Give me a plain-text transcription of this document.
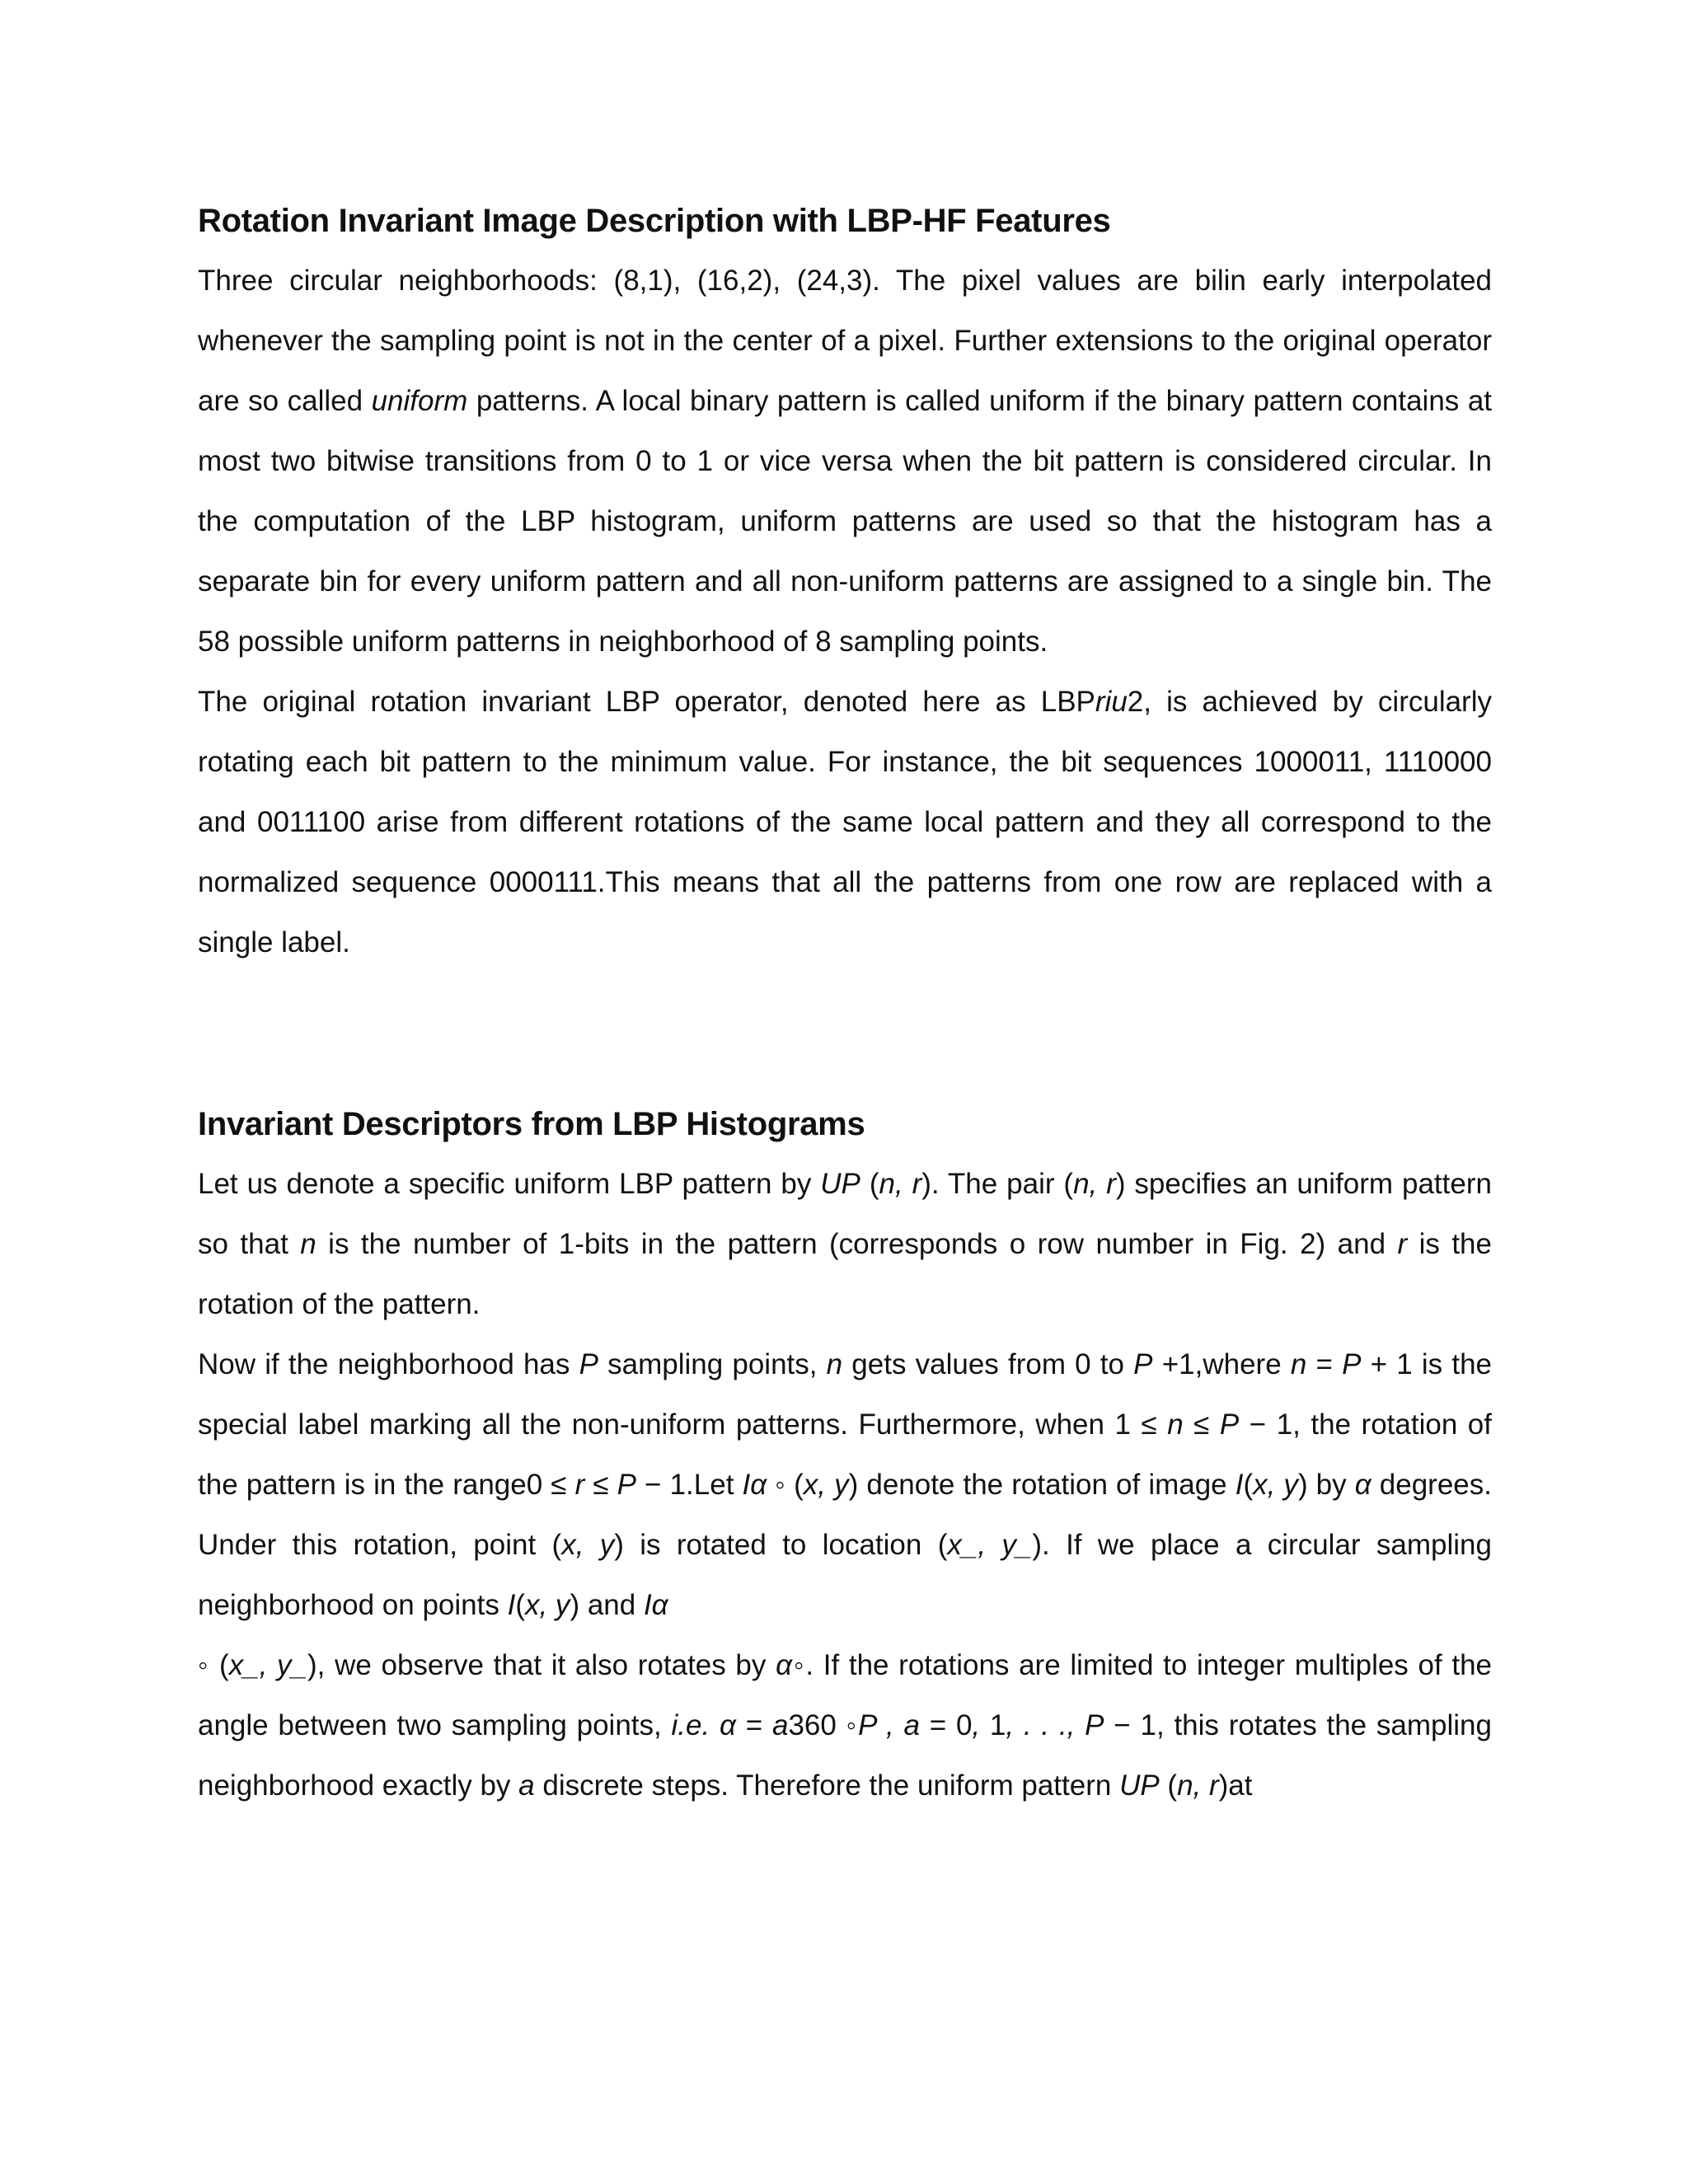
Rotation Invariant Image Description with LBP-HF Features

Three circular neighborhoods: (8,1), (16,2), (24,3). The pixel values are bilin early interpolated whenever the sampling point is not in the center of a pixel. Further extensions to the original operator are so called uniform patterns. A local binary pattern is called uniform if the binary pattern contains at most two bitwise transitions from 0 to 1 or vice versa when the bit pattern is considered circular. In the computation of the LBP histogram, uniform patterns are used so that the histogram has a separate bin for every uniform pattern and all non-uniform patterns are assigned to a single bin. The 58 possible uniform patterns in neighborhood of 8 sampling points.

The original rotation invariant LBP operator, denoted here as LBPriu2, is achieved by circularly rotating each bit pattern to the minimum value. For instance, the bit sequences 1000011, 1110000 and 0011100 arise from different rotations of the same local pattern and they all correspond to the normalized sequence 0000111.This means that all the patterns from one row are replaced with a single label.

Invariant Descriptors from LBP Histograms

Let us denote a specific uniform LBP pattern by UP (n, r). The pair (n, r) specifies an uniform pattern so that n is the number of 1-bits in the pattern (corresponds o row number in Fig. 2) and r is the rotation of the pattern.

Now if the neighborhood has P sampling points, n gets values from 0 to P +1,where n = P + 1 is the special label marking all the non-uniform patterns. Furthermore, when 1 ≤ n ≤ P − 1, the rotation of the pattern is in the range0 ≤ r ≤ P − 1.Let Iα ◦ (x, y) denote the rotation of image I(x, y) by α degrees. Under this rotation, point (x, y) is rotated to location (x_, y_). If we place a circular sampling neighborhood on points I(x, y) and Iα
◦ (x_, y_), we observe that it also rotates by α◦. If the rotations are limited to integer multiples of the angle between two sampling points, i.e. α = a360 ◦P , a = 0, 1, . . ., P − 1, this rotates the sampling neighborhood exactly by a discrete steps. Therefore the uniform pattern UP (n, r)at
